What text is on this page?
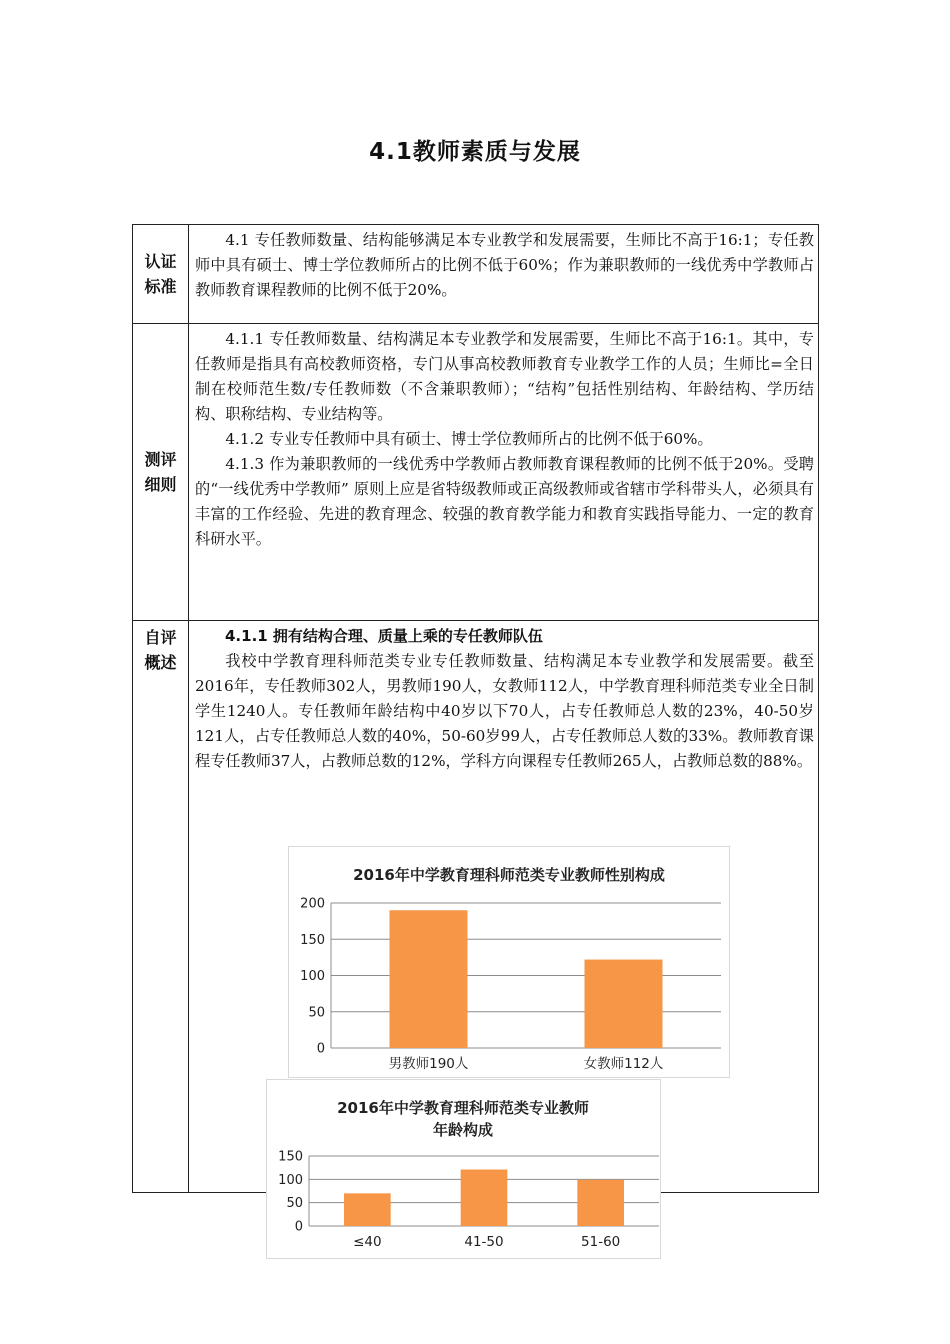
4.1教师素质与发展
认证标准	4.1 专任教师数量、结构能够满足本专业教学和发展需要，生师比不高于16:1；专任教师中具有硕士、博士学位教师所占的比例不低于60%；作为兼职教师的一线优秀中学教师占教师教育课程教师的比例不低于20%。

测评细则	4.1.1 专任教师数量、结构满足本专业教学和发展需要，生师比不高于16:1。其中，专任教师是指具有高校教师资格，专门从事高校教师教育专业教学工作的人员；生师比=全日制在校师范生数/专任教师数（不含兼职教师）；“结构”包括性别结构、年龄结构、学历结构、职称结构、专业结构等。

4.1.2 专业专任教师中具有硕士、博士学位教师所占的比例不低于60%。

4.1.3 作为兼职教师的一线优秀中学教师占教师教育课程教师的比例不低于20%。受聘的“一线优秀中学教师” 原则上应是省特级教师或正高级教师或省辖市学科带头人，必须具有丰富的工作经验、先进的教育理念、较强的教育教学能力和教育实践指导能力、一定的教育科研水平。

自评概述	4.1.1 拥有结构合理、质量上乘的专任教师队伍

我校中学教育理科师范类专业专任教师数量、结构满足本专业教学和发展需要。截至2016年，专任教师302人，男教师190人，女教师112人，中学教育理科师范类专业全日制学生1240人。专任教师年龄结构中40岁以下70人，占专任教师总人数的23%，40-50岁121人，占专任教师总人数的40%，50-60岁99人，占专任教师总人数的33%。教师教育课程专任教师37人，占教师总数的12%，学科方向课程专任教师265人，占教师总数的88%。

2016年中学教育理科师范类专业教师性别构成
0
50
100
150
200
男教师190人	女教师112人
2016年中学教育理科师范类专业教师
年龄构成
0
50
100
150
≤40	41-50	51-60
